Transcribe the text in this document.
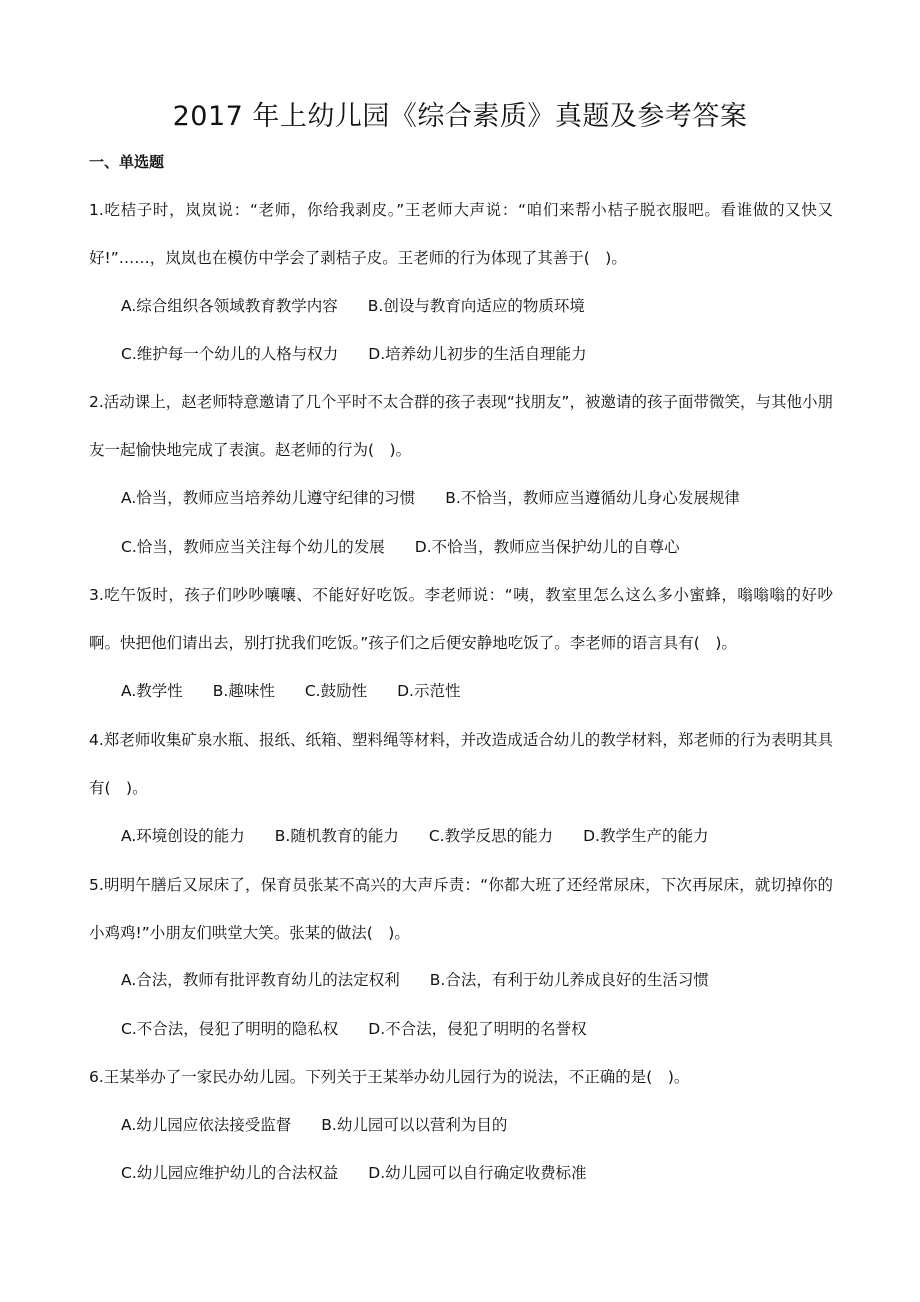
2017 年上幼儿园《综合素质》真题及参考答案
一、单选题
1.吃桔子时，岚岚说：“老师，你给我剥皮。”王老师大声说：“咱们来帮小桔子脱衣服吧。看谁做的又快又好!”……，岚岚也在模仿中学会了剥桔子皮。王老师的行为体现了其善于(　)。
A.综合组织各领域教育教学内容 B.创设与教育向适应的物质环境
C.维护每一个幼儿的人格与权力 D.培养幼儿初步的生活自理能力
2.活动课上，赵老师特意邀请了几个平时不太合群的孩子表现“找朋友”，被邀请的孩子面带微笑，与其他小朋友一起愉快地完成了表演。赵老师的行为(　)。
A.恰当，教师应当培养幼儿遵守纪律的习惯 B.不恰当，教师应当遵循幼儿身心发展规律
C.恰当，教师应当关注每个幼儿的发展 D.不恰当，教师应当保护幼儿的自尊心
3.吃午饭时，孩子们吵吵嚷嚷、不能好好吃饭。李老师说：“咦，教室里怎么这么多小蜜蜂，嗡嗡嗡的好吵啊。快把他们请出去，别打扰我们吃饭。”孩子们之后便安静地吃饭了。李老师的语言具有(　)。
A.教学性 B.趣味性 C.鼓励性 D.示范性
4.郑老师收集矿泉水瓶、报纸、纸箱、塑料绳等材料，并改造成适合幼儿的教学材料，郑老师的行为表明其具有(　)。
A.环境创设的能力 B.随机教育的能力 C.教学反思的能力 D.教学生产的能力
5.明明午膳后又尿床了，保育员张某不高兴的大声斥责：“你都大班了还经常尿床，下次再尿床，就切掉你的小鸡鸡!”小朋友们哄堂大笑。张某的做法(　)。
A.合法，教师有批评教育幼儿的法定权利 B.合法，有利于幼儿养成良好的生活习惯
C.不合法，侵犯了明明的隐私权 D.不合法，侵犯了明明的名誉权
6.王某举办了一家民办幼儿园。下列关于王某举办幼儿园行为的说法，不正确的是(　)。
A.幼儿园应依法接受监督 B.幼儿园可以以营利为目的
C.幼儿园应维护幼儿的合法权益 D.幼儿园可以自行确定收费标准
